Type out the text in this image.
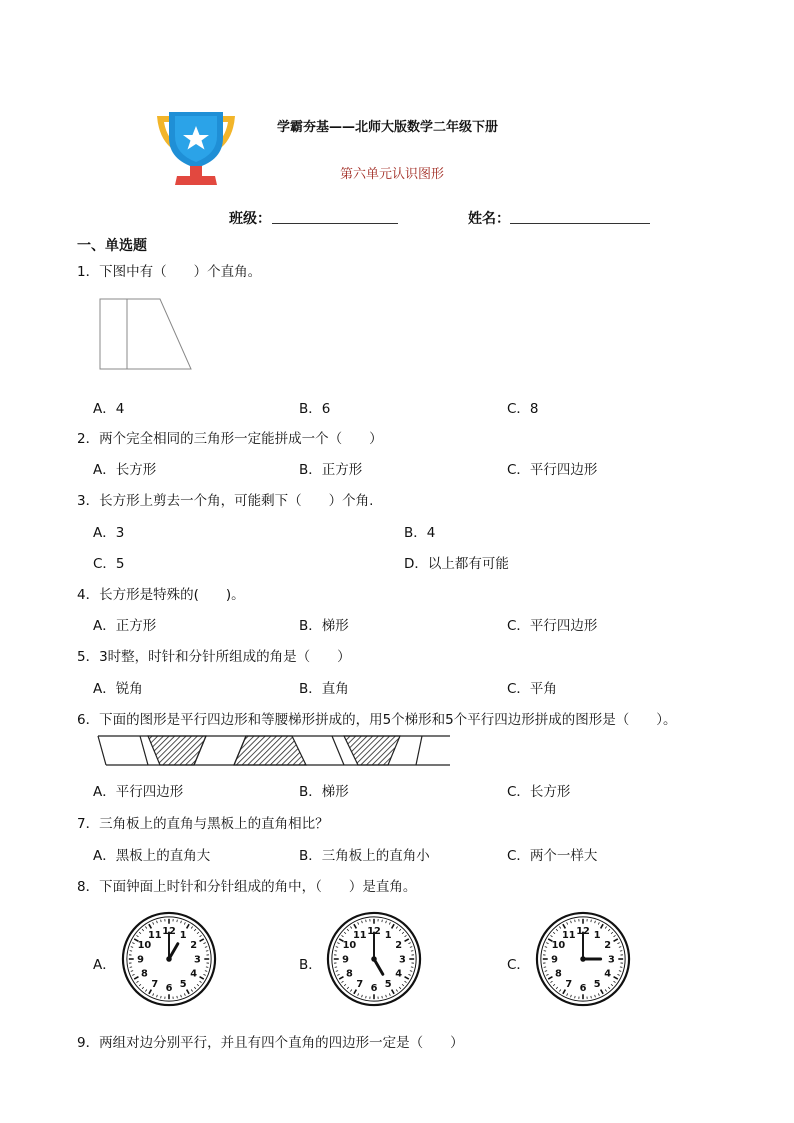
学霸夯基——北师大版数学二年级下册
第六单元认识图形
班级：	姓名：
一、单选题
1．下图中有（　　）个直角。
A．4	B．6	C．8
2．两个完全相同的三角形一定能拼成一个（　　）
A．长方形	B．正方形	C．平行四边形
3．长方形上剪去一个角，可能剩下（　　）个角.
A．3	B．4
C．5	D．以上都有可能
4．长方形是特殊的(　　)。
A．正方形	B．梯形	C．平行四边形
5．3时整，时针和分针所组成的角是（　　）
A．锐角	B．直角	C．平角
6．下面的图形是平行四边形和等腰梯形拼成的，用5个梯形和5个平行四边形拼成的图形是（　　）。
A．平行四边形	B．梯形	C．长方形
7．三角板上的直角与黑板上的直角相比？
A．黑板上的直角大	B．三角板上的直角小	C．两个一样大
8．下面钟面上时针和分针组成的角中，（　　）是直角。
A．	B．	C．
12 1
2
3
4
5
6
7
8
9
10
11	12 1
2
3
4
5
6
7
8
9
10
11	12 1
2
3
4
5
6
7
8
9
10
11
9．两组对边分别平行，并且有四个直角的四边形一定是（　　）
